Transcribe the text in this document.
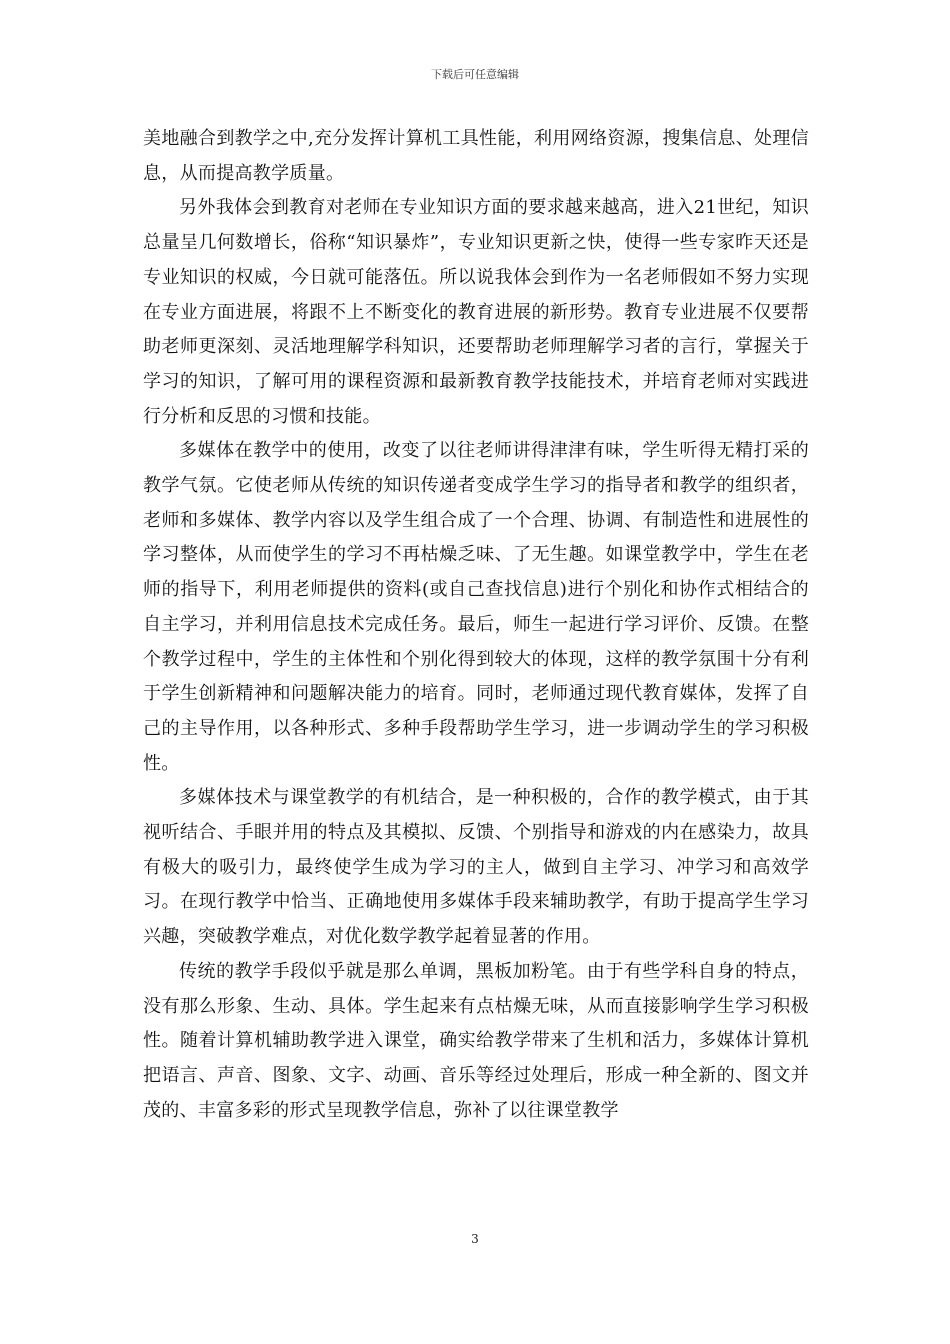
下载后可任意编辑

美地融合到教学之中,充分发挥计算机工具性能，利用网络资源，搜集信息、处理信息，从而提高教学质量。

另外我体会到教育对老师在专业知识方面的要求越来越高，进入21世纪，知识总量呈几何数增长，俗称“知识暴炸”，专业知识更新之快，使得一些专家昨天还是专业知识的权威，今日就可能落伍。所以说我体会到作为一名老师假如不努力实现在专业方面进展，将跟不上不断变化的教育进展的新形势。教育专业进展不仅要帮助老师更深刻、灵活地理解学科知识，还要帮助老师理解学习者的言行，掌握关于学习的知识，了解可用的课程资源和最新教育教学技能技术，并培育老师对实践进行分析和反思的习惯和技能。

多媒体在教学中的使用，改变了以往老师讲得津津有味，学生听得无精打采的教学气氛。它使老师从传统的知识传递者变成学生学习的指导者和教学的组织者，老师和多媒体、教学内容以及学生组合成了一个合理、协调、有制造性和进展性的学习整体，从而使学生的学习不再枯燥乏味、了无生趣。如课堂教学中，学生在老师的指导下，利用老师提供的资料(或自己查找信息)进行个别化和协作式相结合的自主学习，并利用信息技术完成任务。最后，师生一起进行学习评价、反馈。在整个教学过程中，学生的主体性和个别化得到较大的体现，这样的教学氛围十分有利于学生创新精神和问题解决能力的培育。同时，老师通过现代教育媒体，发挥了自己的主导作用，以各种形式、多种手段帮助学生学习，进一步调动学生的学习积极性。

多媒体技术与课堂教学的有机结合，是一种积极的，合作的教学模式，由于其视听结合、手眼并用的特点及其模拟、反馈、个别指导和游戏的内在感染力，故具有极大的吸引力，最终使学生成为学习的主人，做到自主学习、冲学习和高效学习。在现行教学中恰当、正确地使用多媒体手段来辅助教学，有助于提高学生学习兴趣，突破教学难点，对优化数学教学起着显著的作用。

传统的教学手段似乎就是那么单调，黑板加粉笔。由于有些学科自身的特点，没有那么形象、生动、具体。学生起来有点枯燥无味，从而直接影响学生学习积极性。随着计算机辅助教学进入课堂，确实给教学带来了生机和活力，多媒体计算机把语言、声音、图象、文字、动画、音乐等经过处理后，形成一种全新的、图文并茂的、丰富多彩的形式呈现教学信息，弥补了以往课堂教学

3
